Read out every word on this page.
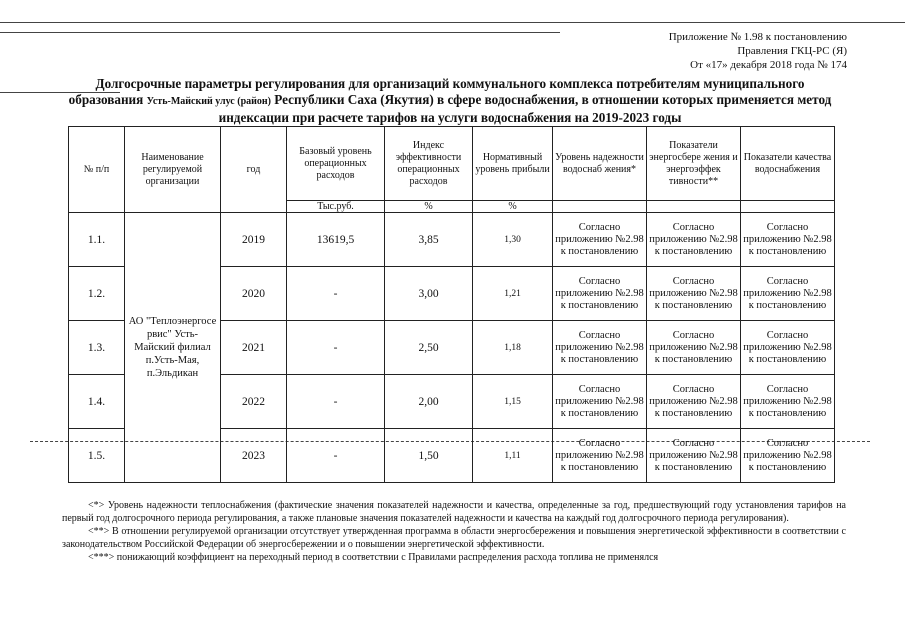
Приложение № 1.98 к постановлению
Правления ГКЦ-РС (Я)
От «17» декабря 2018 года № 174
Долгосрочные параметры регулирования для организаций коммунального комплекса потребителям муниципального образования Усть-Майский улус (район) Республики Саха (Якутия) в сфере водоснабжения, в отношении которых применяется метод индексации при расчете тарифов на услуги водоснабжения на 2019-2023 годы
№ п/п	Наименование регулируемой организации	год	Базовый уровень операционных расходов	Индекс эффективности операционных расходов	Нормативный уровень прибыли	Уровень надежности водоснаб жения*	Показатели энергосбере жения и энергоэффек тивности**	Показатели качества водоснабжения
			Тыс.руб.	%	%			
1.1.	АО "Теплоэнергосе рвис" Усть-Майский филиал п.Усть-Мая, п.Эльдикан	2019	13619,5	3,85	1,30	Согласно приложению №2.98 к постановлению	Согласно приложению №2.98 к постановлению	Согласно приложению №2.98 к постановлению
1.2.		2020	-	3,00	1,21	Согласно приложению №2.98 к постановлению	Согласно приложению №2.98 к постановлению	Согласно приложению №2.98 к постановлению
1.3.		2021	-	2,50	1,18	Согласно приложению №2.98 к постановлению	Согласно приложению №2.98 к постановлению	Согласно приложению №2.98 к постановлению
1.4.		2022	-	2,00	1,15	Согласно приложению №2.98 к постановлению	Согласно приложению №2.98 к постановлению	Согласно приложению №2.98 к постановлению
1.5.		2023	-	1,50	1,11	Согласно приложению №2.98 к постановлению	Согласно приложению №2.98 к постановлению	Согласно приложению №2.98 к постановлению

<*> Уровень надежности теплоснабжения (фактические значения показателей надежности и качества, определенные за год, предшествующий году установления тарифов на первый год долгосрочного периода регулирования, а также плановые значения показателей надежности и качества на каждый год долгосрочного периода регулирования).

<**> В отношении регулируемой организации отсутствует утвержденная программа в области энергосбережения и повышения энергетической эффективности в соответствии с законодательством Российской Федерации об энергосбережении и о повышении энергетической эффективности.

<***> понижающий коэффициент на переходный период в соответствии с Правилами распределения расхода топлива не применялся
